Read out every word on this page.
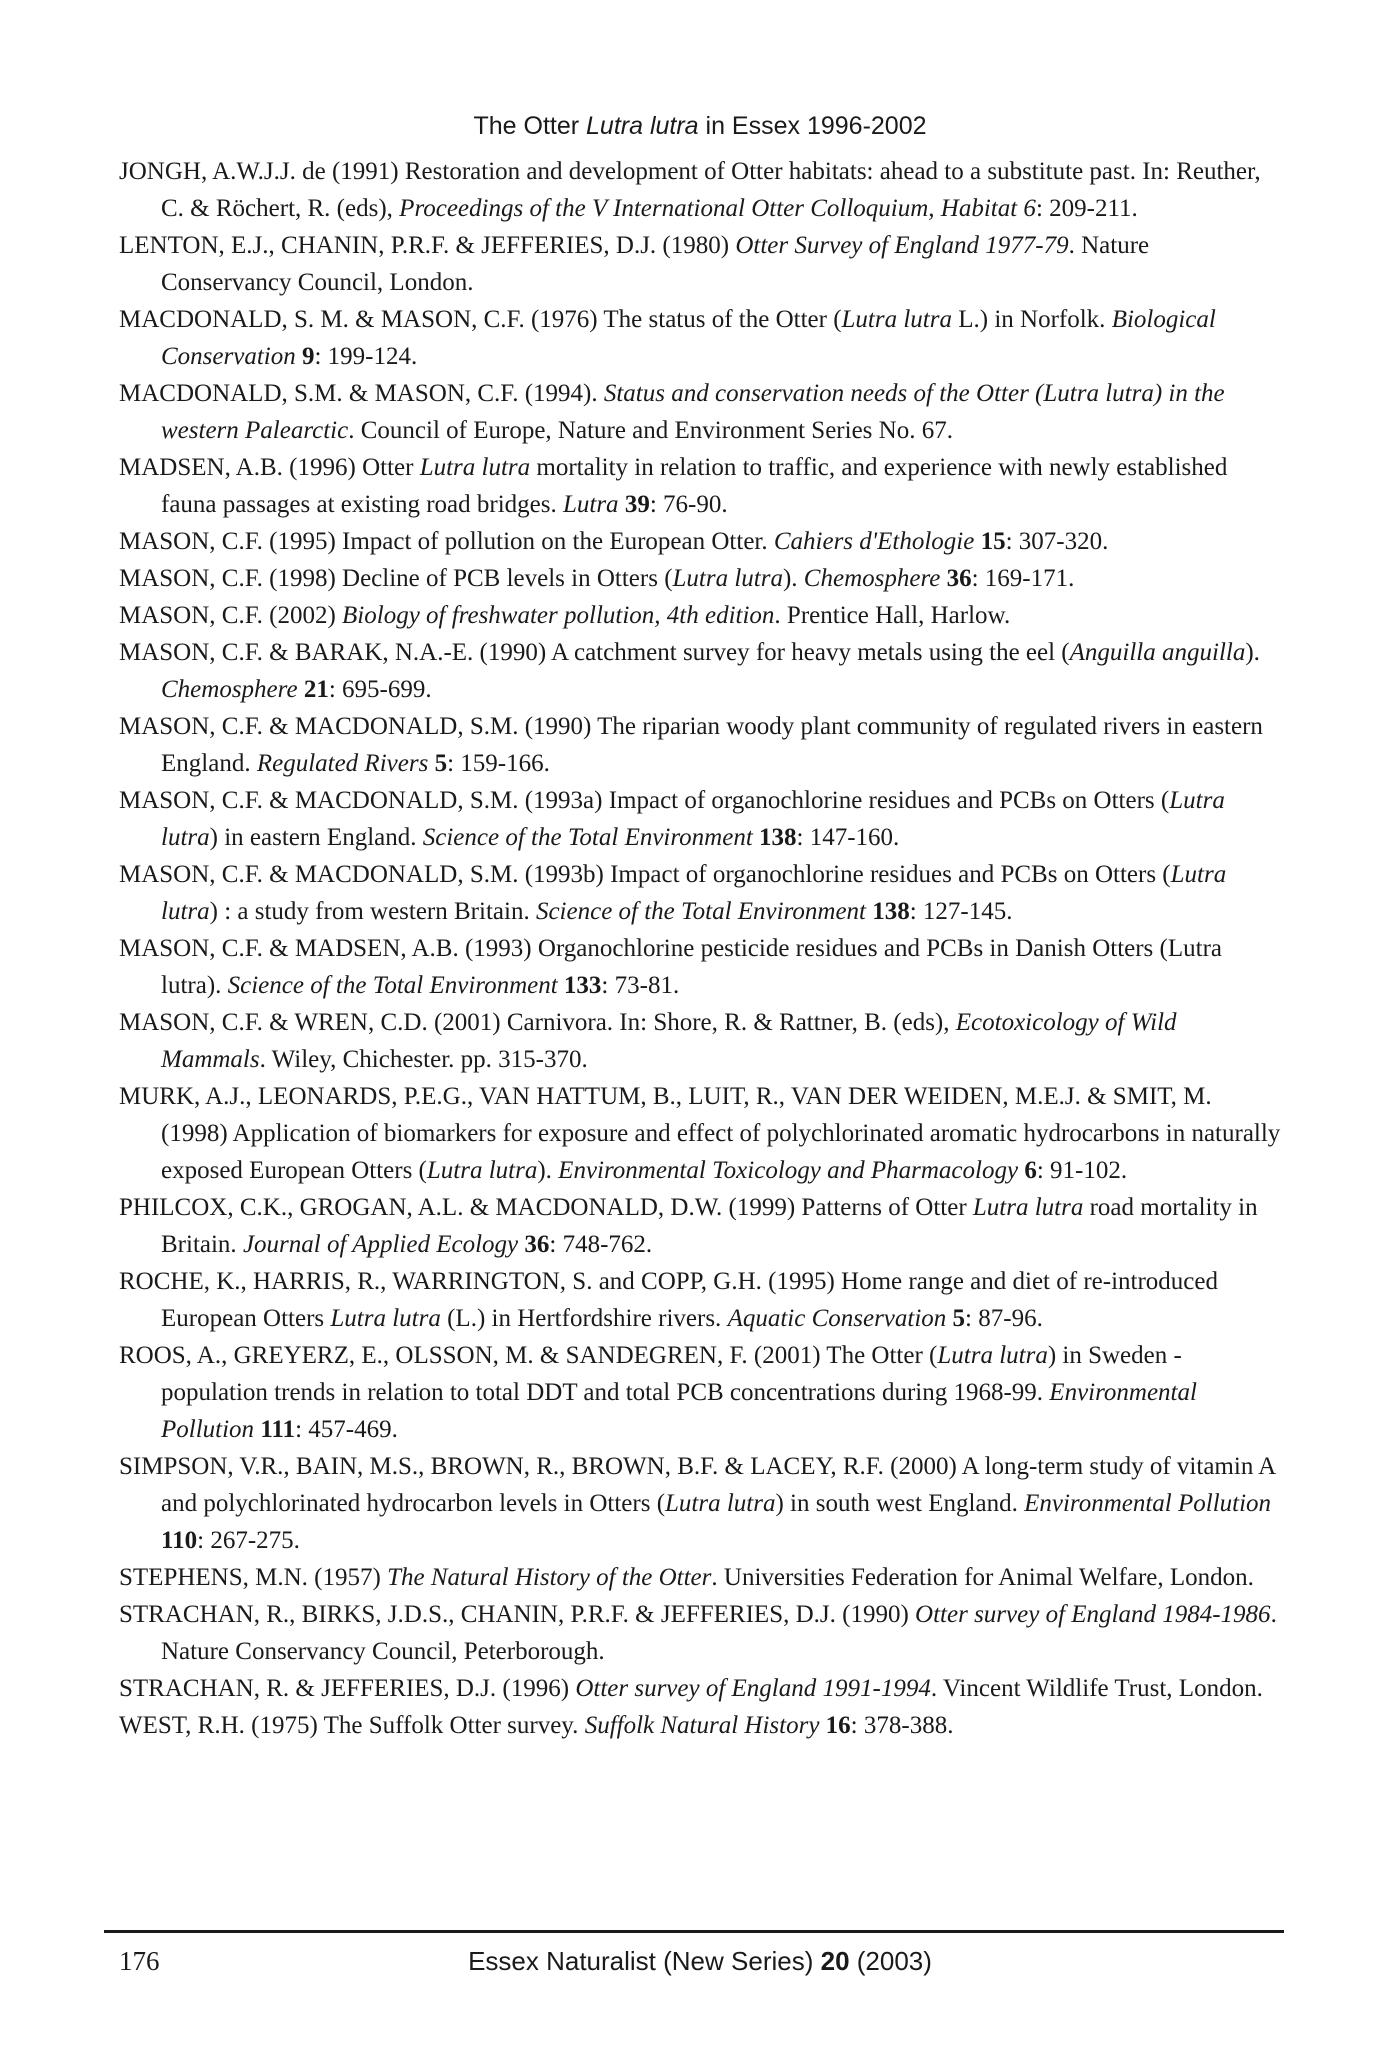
The Otter Lutra lutra in Essex 1996-2002

JONGH, A.W.J.J. de (1991) Restoration and development of Otter habitats: ahead to a substitute past. In: Reuther, C. & Röchert, R. (eds), Proceedings of the V International Otter Colloquium, Habitat 6: 209-211.

LENTON, E.J., CHANIN, P.R.F. & JEFFERIES, D.J. (1980) Otter Survey of England 1977-79. Nature Conservancy Council, London.

MACDONALD, S. M. & MASON, C.F. (1976) The status of the Otter (Lutra lutra L.) in Norfolk. Biological Conservation 9: 199-124.

MACDONALD, S.M. & MASON, C.F. (1994). Status and conservation needs of the Otter (Lutra lutra) in the western Palearctic. Council of Europe, Nature and Environment Series No. 67.

MADSEN, A.B. (1996) Otter Lutra lutra mortality in relation to traffic, and experience with newly established fauna passages at existing road bridges. Lutra 39: 76-90.

MASON, C.F. (1995) Impact of pollution on the European Otter. Cahiers d'Ethologie 15: 307-320.

MASON, C.F. (1998) Decline of PCB levels in Otters (Lutra lutra). Chemosphere 36: 169-171.

MASON, C.F. (2002) Biology of freshwater pollution, 4th edition. Prentice Hall, Harlow.

MASON, C.F. & BARAK, N.A.-E. (1990) A catchment survey for heavy metals using the eel (Anguilla anguilla). Chemosphere 21: 695-699.

MASON, C.F. & MACDONALD, S.M. (1990) The riparian woody plant community of regulated rivers in eastern England. Regulated Rivers 5: 159-166.

MASON, C.F. & MACDONALD, S.M. (1993a) Impact of organochlorine residues and PCBs on Otters (Lutra lutra) in eastern England. Science of the Total Environment 138: 147-160.

MASON, C.F. & MACDONALD, S.M. (1993b) Impact of organochlorine residues and PCBs on Otters (Lutra lutra) : a study from western Britain. Science of the Total Environment 138: 127-145.

MASON, C.F. & MADSEN, A.B. (1993) Organochlorine pesticide residues and PCBs in Danish Otters (Lutra lutra). Science of the Total Environment 133: 73-81.

MASON, C.F. & WREN, C.D. (2001) Carnivora. In: Shore, R. & Rattner, B. (eds), Ecotoxicology of Wild Mammals. Wiley, Chichester. pp. 315-370.

MURK, A.J., LEONARDS, P.E.G., VAN HATTUM, B., LUIT, R., VAN DER WEIDEN, M.E.J. & SMIT, M. (1998) Application of biomarkers for exposure and effect of polychlorinated aromatic hydrocarbons in naturally exposed European Otters (Lutra lutra). Environmental Toxicology and Pharmacology 6: 91-102.

PHILCOX, C.K., GROGAN, A.L. & MACDONALD, D.W. (1999) Patterns of Otter Lutra lutra road mortality in Britain. Journal of Applied Ecology 36: 748-762.

ROCHE, K., HARRIS, R., WARRINGTON, S. and COPP, G.H. (1995) Home range and diet of re-introduced European Otters Lutra lutra (L.) in Hertfordshire rivers. Aquatic Conservation 5: 87-96.

ROOS, A., GREYERZ, E., OLSSON, M. & SANDEGREN, F. (2001) The Otter (Lutra lutra) in Sweden - population trends in relation to total DDT and total PCB concentrations during 1968-99. Environmental Pollution 111: 457-469.

SIMPSON, V.R., BAIN, M.S., BROWN, R., BROWN, B.F. & LACEY, R.F. (2000) A long-term study of vitamin A and polychlorinated hydrocarbon levels in Otters (Lutra lutra) in south west England. Environmental Pollution 110: 267-275.

STEPHENS, M.N. (1957) The Natural History of the Otter. Universities Federation for Animal Welfare, London.

STRACHAN, R., BIRKS, J.D.S., CHANIN, P.R.F. & JEFFERIES, D.J. (1990) Otter survey of England 1984-1986. Nature Conservancy Council, Peterborough.

STRACHAN, R. & JEFFERIES, D.J. (1996) Otter survey of England 1991-1994. Vincent Wildlife Trust, London.

WEST, R.H. (1975) The Suffolk Otter survey. Suffolk Natural History 16: 378-388.

176	Essex Naturalist (New Series) 20 (2003)
